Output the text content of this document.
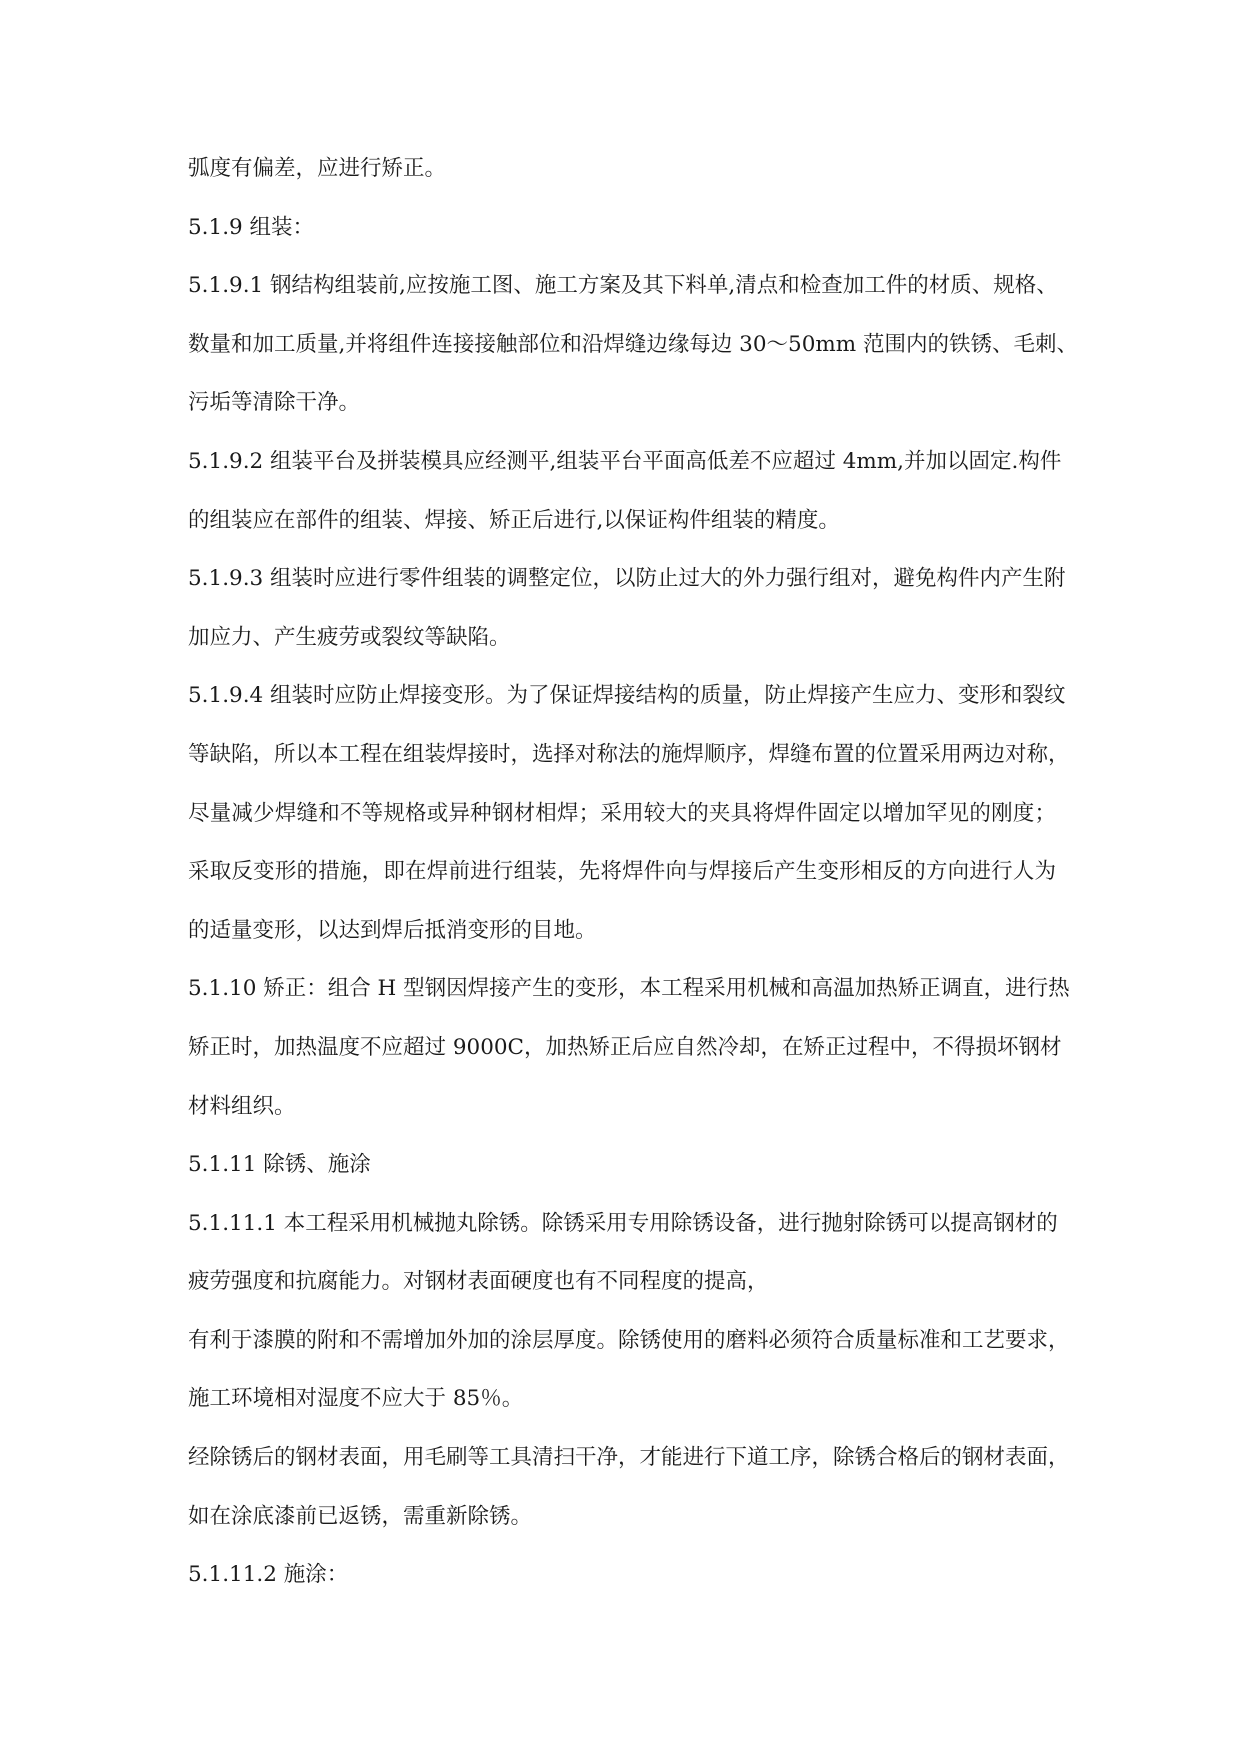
弧度有偏差，应进行矫正。

5.1.9 组装：

5.1.9.1 钢结构组装前,应按施工图、施工方案及其下料单,清点和检查加工件的材质、规格、

数量和加工质量,并将组件连接接触部位和沿焊缝边缘每边 30～50mm 范围内的铁锈、毛刺、

污垢等清除干净。

5.1.9.2 组装平台及拼装模具应经测平,组装平台平面高低差不应超过 4mm,并加以固定.构件

的组装应在部件的组装、焊接、矫正后进行,以保证构件组装的精度。

5.1.9.3 组装时应进行零件组装的调整定位，以防止过大的外力强行组对，避免构件内产生附

加应力、产生疲劳或裂纹等缺陷。

5.1.9.4 组装时应防止焊接变形。为了保证焊接结构的质量，防止焊接产生应力、变形和裂纹

等缺陷，所以本工程在组装焊接时，选择对称法的施焊顺序，焊缝布置的位置采用两边对称，

尽量减少焊缝和不等规格或异种钢材相焊；采用较大的夹具将焊件固定以增加罕见的刚度；

采取反变形的措施，即在焊前进行组装，先将焊件向与焊接后产生变形相反的方向进行人为

的适量变形，以达到焊后抵消变形的目地。

5.1.10 矫正：组合 H 型钢因焊接产生的变形，本工程采用机械和高温加热矫正调直，进行热

矫正时，加热温度不应超过 9000C，加热矫正后应自然冷却，在矫正过程中，不得损坏钢材

材料组织。

5.1.11 除锈、施涂

5.1.11.1 本工程采用机械抛丸除锈。除锈采用专用除锈设备，进行抛射除锈可以提高钢材的

疲劳强度和抗腐能力。对钢材表面硬度也有不同程度的提高，

有利于漆膜的附和不需增加外加的涂层厚度。除锈使用的磨料必须符合质量标准和工艺要求，

施工环境相对湿度不应大于 85％。

经除锈后的钢材表面，用毛刷等工具清扫干净，才能进行下道工序，除锈合格后的钢材表面，

如在涂底漆前已返锈，需重新除锈。

5.1.11.2 施涂：
